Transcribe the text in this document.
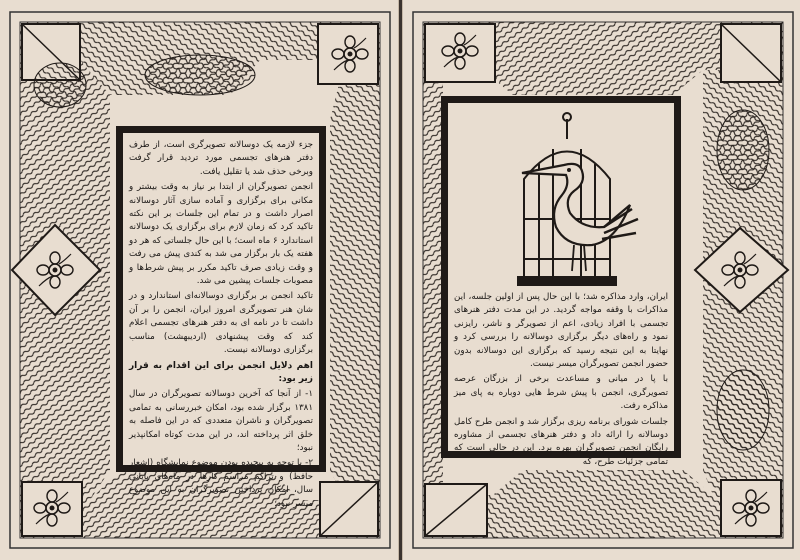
جزء لازمه یک دوسالانه تصویرگری است، از طرف دفتر هنرهای تجسمی مورد تردید قرار گرفت وبرخی حذف شد یا تقلیل یافت.

انجمن تصویرگران از ابتدا بر نیاز به وقت بیشتر و مکانی برای برگزاری و آماده سازی آثار دوسالانه اصرار داشت و در تمام این جلسات بر این نکته تاکید کرد که زمان لازم برای برگزاری یک دوسالانه استاندارد ۶ ماه است؛ با این حال جلساتی که هر دو هفته یک بار برگزار می شد به کندی پیش می رفت و وقت زیادی صرف تاکید مکرر بر پیش شرط‌ها و مصوبات جلسات پیشین می شد.

تاکید انجمن بر برگزاری دوسالانه‌ای استاندارد و در شان هنر تصویرگری امروز ایران، انجمن را بر آن داشت تا در نامه ای به دفتر هنرهای تجسمی اعلام کند که وقت پیشنهادی (اردیبهشت) مناسب برگزاری دوسالانه نیست.

اهم دلایل انجمن برای این اقدام به قرار زیر بود:

۱- از آنجا که آخرین دوسالانه تصویرگران در سال ۱۳۸۱ برگزار شده بود، امکان خبررسانی به تمامی تصویرگران و ناشران متعددی که در این فاصله به خلق اثر پرداخته اند، در این مدت کوتاه امکانپذیر نبود؛

۲- با توجه به پیچیده بودن موضوع نمایشگاه (اشعار حافظ) و تراکم مراسم کارها در ماه‌های پایانی سال، امکان پرداختن تصویرگران به این موضوع میسر نبود؛

ایران، وارد مذاکره شد؛ با این حال پس از اولین جلسه، این مذاکرات با وقفه مواجه گردید. در این مدت دفتر هنرهای تجسمی با افراد زیادی، اعم از تصویرگر و ناشر، رایزنی نمود و راه‌های دیگر برگزاری دوسالانه را بررسی کرد و نهایتا به این نتیجه رسید که برگزاری این دوسالانه بدون حضور انجمن تصویرگران میسر نیست.

با پا در میانی و مساعدت برخی از بزرگان عرصه تصویرگری، انجمن با پیش شرط هایی دوباره به پای میز مذاکره رفت.

جلسات شورای برنامه ریزی برگزار شد و انجمن طرح کامل دوسالانه را ارائه داد و دفتر هنرهای تجسمی از مشاوره رایگان انجمن تصویرگران بهره برد. این در حالی است که تمامی جزئیات طرح، که
